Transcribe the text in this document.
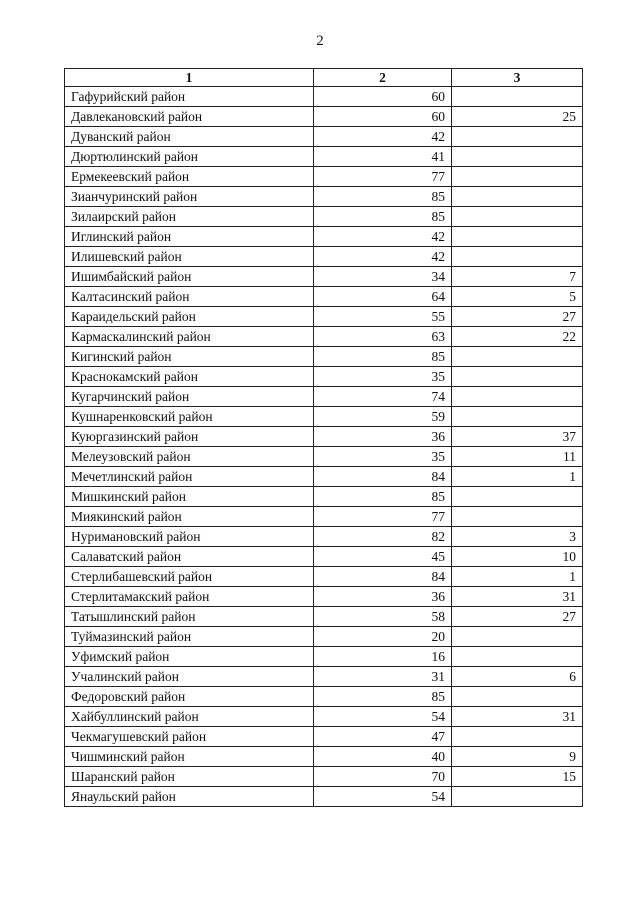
2
1	2	3
Гафурийский район	60	
Давлекановский район	60	25
Дуванский район	42	
Дюртюлинский район	41	
Ермекеевский район	77	
Зианчуринский район	85	
Зилаирский район	85	
Иглинский район	42	
Илишевский район	42	
Ишимбайский район	34	7
Калтасинский район	64	5
Караидельский район	55	27
Кармаскалинский район	63	22
Кигинский район	85	
Краснокамский район	35	
Кугарчинский район	74	
Кушнаренковский район	59	
Куюргазинский район	36	37
Мелеузовский район	35	11
Мечетлинский район	84	1
Мишкинский район	85	
Миякинский район	77	
Нуримановский район	82	3
Салаватский район	45	10
Стерлибашевский район	84	1
Стерлитамакский район	36	31
Татышлинский район	58	27
Туймазинский район	20	
Уфимский район	16	
Учалинский район	31	6
Федоровский район	85	
Хайбуллинский район	54	31
Чекмагушевский район	47	
Чишминский район	40	9
Шаранский район	70	15
Янаульский район	54	
